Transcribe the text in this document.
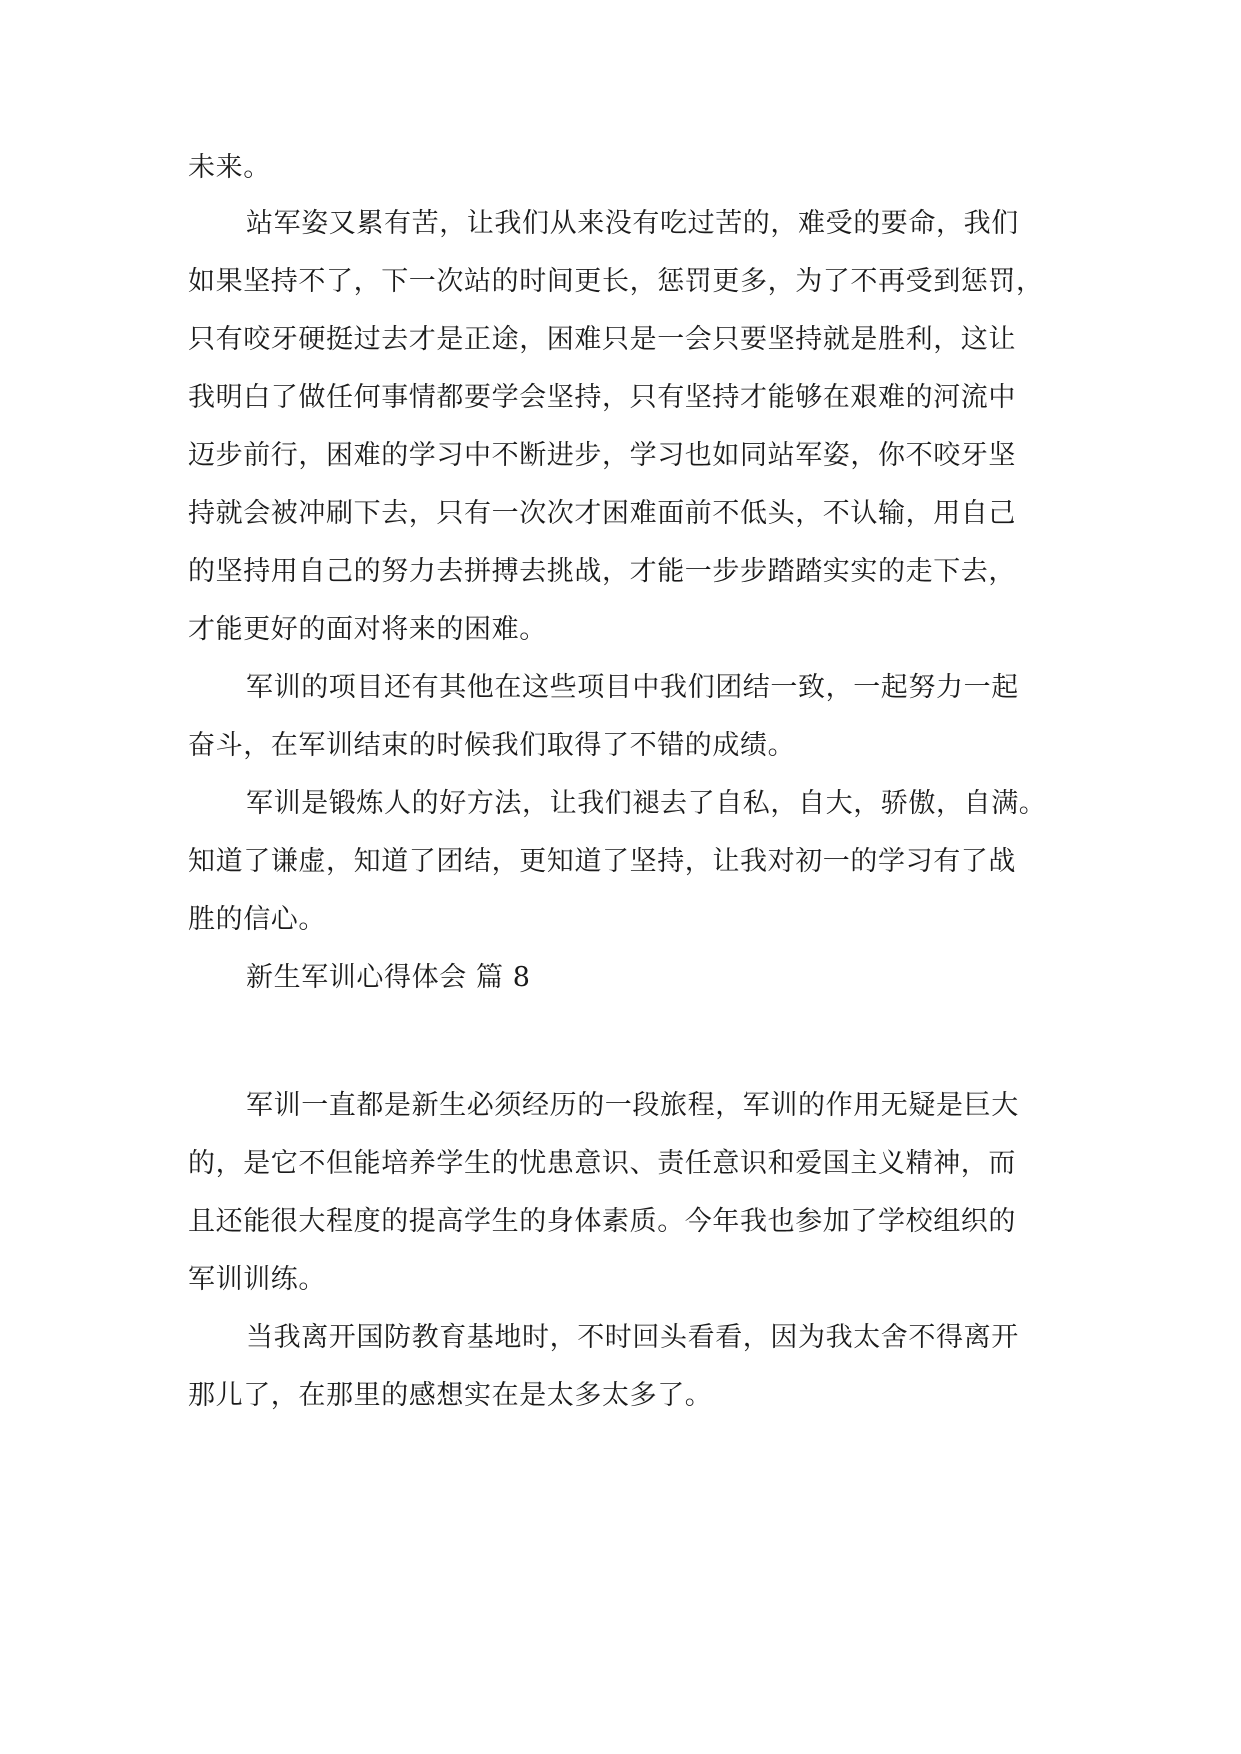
未来。

站军姿又累有苦，让我们从来没有吃过苦的，难受的要命，我们

如果坚持不了，下一次站的时间更长，惩罚更多，为了不再受到惩罚，

只有咬牙硬挺过去才是正途，困难只是一会只要坚持就是胜利，这让

我明白了做任何事情都要学会坚持，只有坚持才能够在艰难的河流中

迈步前行，困难的学习中不断进步，学习也如同站军姿，你不咬牙坚

持就会被冲刷下去，只有一次次才困难面前不低头，不认输，用自己

的坚持用自己的努力去拼搏去挑战，才能一步步踏踏实实的走下去，

才能更好的面对将来的困难。

军训的项目还有其他在这些项目中我们团结一致，一起努力一起

奋斗，在军训结束的时候我们取得了不错的成绩。

军训是锻炼人的好方法，让我们褪去了自私，自大，骄傲，自满。

知道了谦虚，知道了团结，更知道了坚持，让我对初一的学习有了战

胜的信心。

新生军训心得体会 篇 8

军训一直都是新生必须经历的一段旅程，军训的作用无疑是巨大

的，是它不但能培养学生的忧患意识、责任意识和爱国主义精神，而

且还能很大程度的提高学生的身体素质。今年我也参加了学校组织的

军训训练。

当我离开国防教育基地时，不时回头看看，因为我太舍不得离开

那儿了，在那里的感想实在是太多太多了。
